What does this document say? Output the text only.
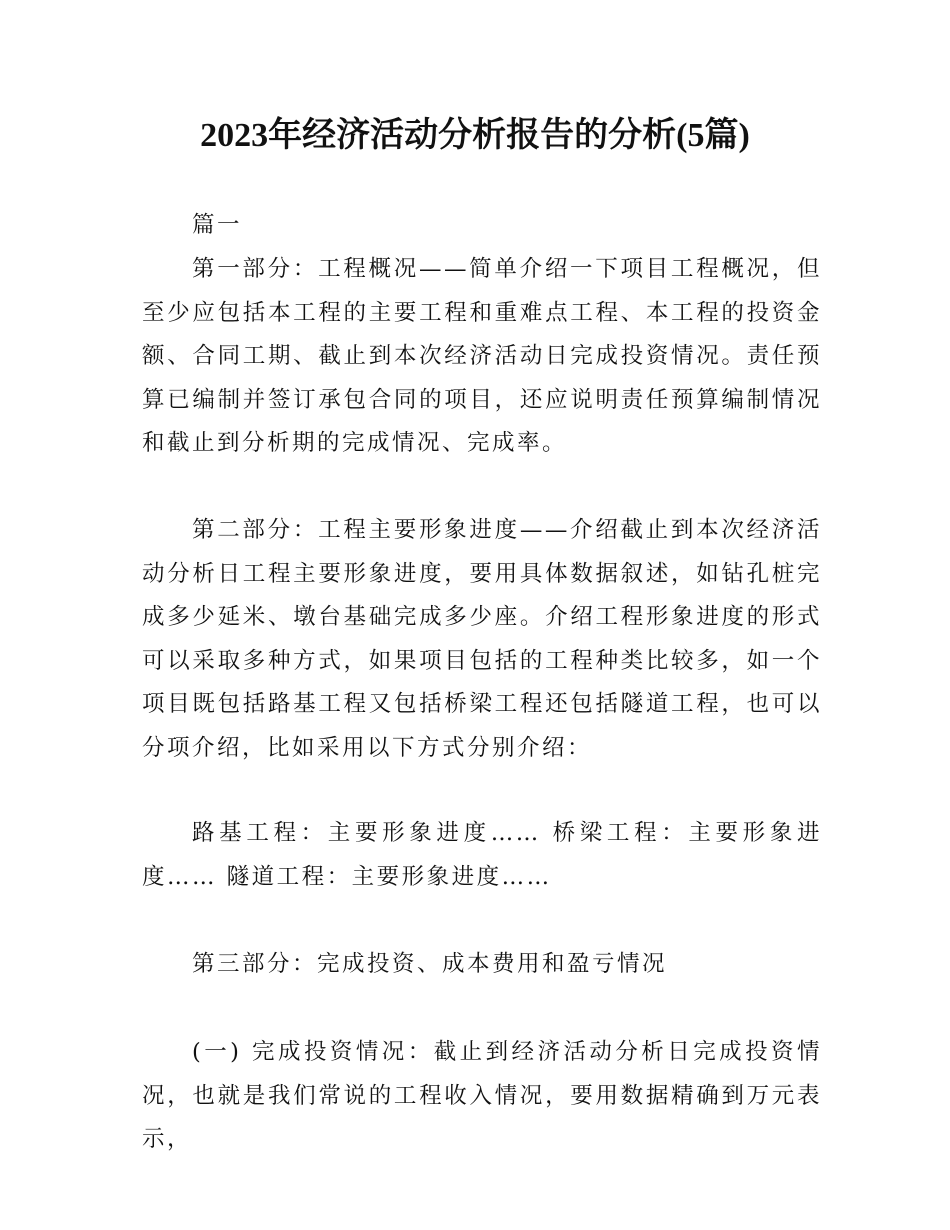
2023年经济活动分析报告的分析(5篇)

篇一

第一部分：工程概况——简单介绍一下项目工程概况，但至少应包括本工程的主要工程和重难点工程、本工程的投资金额、合同工期、截止到本次经济活动日完成投资情况。责任预算已编制并签订承包合同的项目，还应说明责任预算编制情况和截止到分析期的完成情况、完成率。

第二部分：工程主要形象进度——介绍截止到本次经济活动分析日工程主要形象进度，要用具体数据叙述，如钻孔桩完成多少延米、墩台基础完成多少座。介绍工程形象进度的形式可以采取多种方式，如果项目包括的工程种类比较多，如一个项目既包括路基工程又包括桥梁工程还包括隧道工程，也可以分项介绍，比如采用以下方式分别介绍：

路基工程：主要形象进度…… 桥梁工程：主要形象进度…… 隧道工程：主要形象进度……

第三部分：完成投资、成本费用和盈亏情况

(一) 完成投资情况：截止到经济活动分析日完成投资情况，也就是我们常说的工程收入情况，要用数据精确到万元表示，
